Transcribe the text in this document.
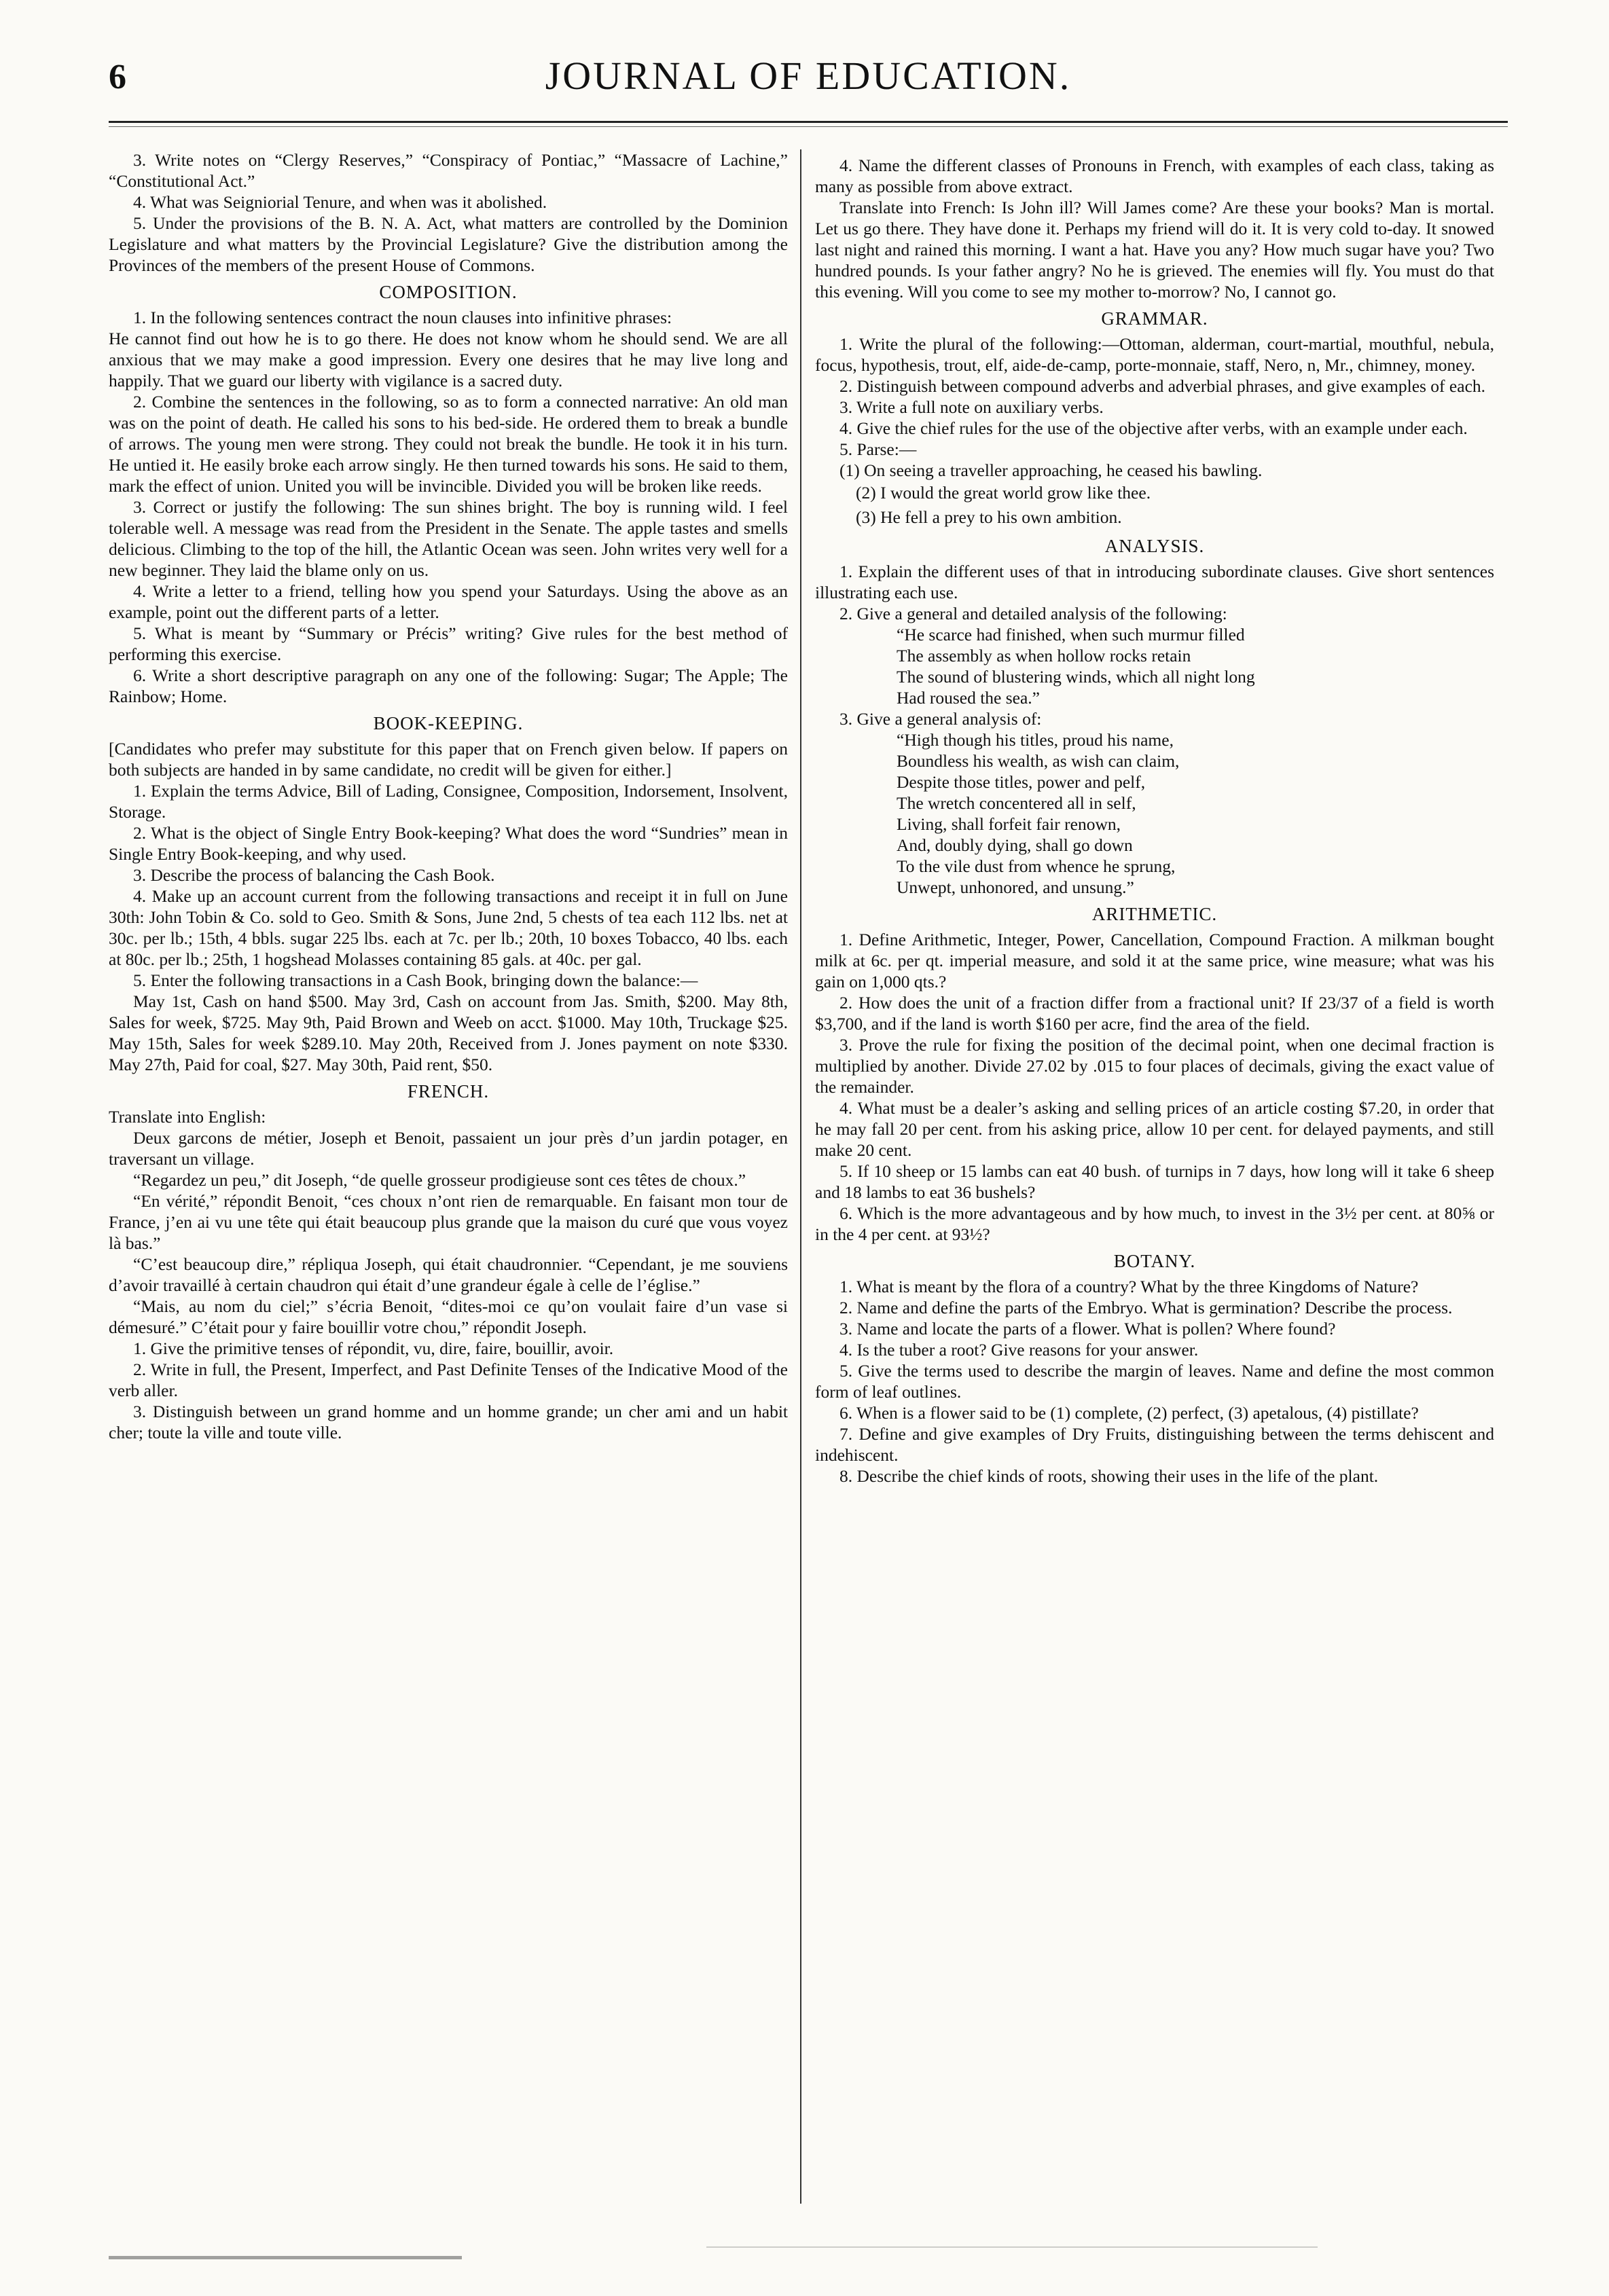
6	JOURNAL OF EDUCATION.

3. Write notes on “Clergy Reserves,” “Conspiracy of Pontiac,” “Massacre of Lachine,” “Constitutional Act.”

4. What was Seigniorial Tenure, and when was it abolished.

5. Under the provisions of the B. N. A. Act, what matters are controlled by the Dominion Legislature and what matters by the Provincial Legislature? Give the distribution among the Provinces of the members of the present House of Commons.

COMPOSITION.

1. In the following sentences contract the noun clauses into infinitive phrases:

He cannot find out how he is to go there. He does not know whom he should send. We are all anxious that we may make a good impression. Every one desires that he may live long and happily. That we guard our liberty with vigilance is a sacred duty.

2. Combine the sentences in the following, so as to form a connected narrative: An old man was on the point of death. He called his sons to his bed-side. He ordered them to break a bundle of arrows. The young men were strong. They could not break the bundle. He took it in his turn. He untied it. He easily broke each arrow singly. He then turned towards his sons. He said to them, mark the effect of union. United you will be invincible. Divided you will be broken like reeds.

3. Correct or justify the following: The sun shines bright. The boy is running wild. I feel tolerable well. A message was read from the President in the Senate. The apple tastes and smells delicious. Climbing to the top of the hill, the Atlantic Ocean was seen. John writes very well for a new beginner. They laid the blame only on us.

4. Write a letter to a friend, telling how you spend your Saturdays. Using the above as an example, point out the different parts of a letter.

5. What is meant by “Summary or Précis” writing? Give rules for the best method of performing this exercise.

6. Write a short descriptive paragraph on any one of the following: Sugar; The Apple; The Rainbow; Home.

BOOK-KEEPING.

[Candidates who prefer may substitute for this paper that on French given below. If papers on both subjects are handed in by same candidate, no credit will be given for either.]

1. Explain the terms Advice, Bill of Lading, Consignee, Composition, Indorsement, Insolvent, Storage.

2. What is the object of Single Entry Book-keeping? What does the word “Sundries” mean in Single Entry Book-keeping, and why used.

3. Describe the process of balancing the Cash Book.

4. Make up an account current from the following transactions and receipt it in full on June 30th: John Tobin & Co. sold to Geo. Smith & Sons, June 2nd, 5 chests of tea each 112 lbs. net at 30c. per lb.; 15th, 4 bbls. sugar 225 lbs. each at 7c. per lb.; 20th, 10 boxes Tobacco, 40 lbs. each at 80c. per lb.; 25th, 1 hogshead Molasses containing 85 gals. at 40c. per gal.

5. Enter the following transactions in a Cash Book, bringing down the balance:—

May 1st, Cash on hand $500. May 3rd, Cash on account from Jas. Smith, $200. May 8th, Sales for week, $725. May 9th, Paid Brown and Weeb on acct. $1000. May 10th, Truckage $25. May 15th, Sales for week $289.10. May 20th, Received from J. Jones payment on note $330. May 27th, Paid for coal, $27. May 30th, Paid rent, $50.

FRENCH.

Translate into English:

Deux garcons de métier, Joseph et Benoit, passaient un jour près d’un jardin potager, en traversant un village.

“Regardez un peu,” dit Joseph, “de quelle grosseur prodigieuse sont ces têtes de choux.”

“En vérité,” répondit Benoit, “ces choux n’ont rien de remarquable. En faisant mon tour de France, j’en ai vu une tête qui était beaucoup plus grande que la maison du curé que vous voyez là bas.”

“C’est beaucoup dire,” répliqua Joseph, qui était chaudronnier. “Cependant, je me souviens d’avoir travaillé à certain chaudron qui était d’une grandeur égale à celle de l’église.”

“Mais, au nom du ciel;” s’écria Benoit, “dites-moi ce qu’on voulait faire d’un vase si démesuré.” C’était pour y faire bouillir votre chou,” répondit Joseph.

1. Give the primitive tenses of répondit, vu, dire, faire, bouillir, avoir.

2. Write in full, the Present, Imperfect, and Past Definite Tenses of the Indicative Mood of the verb aller.

3. Distinguish between un grand homme and un homme grande; un cher ami and un habit cher; toute la ville and toute ville.

4. Name the different classes of Pronouns in French, with examples of each class, taking as many as possible from above extract.

Translate into French: Is John ill? Will James come? Are these your books? Man is mortal. Let us go there. They have done it. Perhaps my friend will do it. It is very cold to-day. It snowed last night and rained this morning. I want a hat. Have you any? How much sugar have you? Two hundred pounds. Is your father angry? No he is grieved. The enemies will fly. You must do that this evening. Will you come to see my mother to-morrow? No, I cannot go.

GRAMMAR.

1. Write the plural of the following:—Ottoman, alderman, court-martial, mouthful, nebula, focus, hypothesis, trout, elf, aide-de-camp, porte-monnaie, staff, Nero, n, Mr., chimney, money.

2. Distinguish between compound adverbs and adverbial phrases, and give examples of each.

3. Write a full note on auxiliary verbs.

4. Give the chief rules for the use of the objective after verbs, with an example under each.

5. Parse:—

(1) On seeing a traveller approaching, he ceased his bawling.

(2) I would the great world grow like thee.

(3) He fell a prey to his own ambition.

ANALYSIS.

1. Explain the different uses of that in introducing subordinate clauses. Give short sentences illustrating each use.

2. Give a general and detailed analysis of the following:

“He scarce had finished, when such murmur filled

The assembly as when hollow rocks retain

The sound of blustering winds, which all night long

Had roused the sea.”

3. Give a general analysis of:

“High though his titles, proud his name,

Boundless his wealth, as wish can claim,

Despite those titles, power and pelf,

The wretch concentered all in self,

Living, shall forfeit fair renown,

And, doubly dying, shall go down

To the vile dust from whence he sprung,

Unwept, unhonored, and unsung.”

ARITHMETIC.

1. Define Arithmetic, Integer, Power, Cancellation, Compound Fraction. A milkman bought milk at 6c. per qt. imperial measure, and sold it at the same price, wine measure; what was his gain on 1,000 qts.?

2. How does the unit of a fraction differ from a fractional unit? If 23/37 of a field is worth $3,700, and if the land is worth $160 per acre, find the area of the field.

3. Prove the rule for fixing the position of the decimal point, when one decimal fraction is multiplied by another. Divide 27.02 by .015 to four places of decimals, giving the exact value of the remainder.

4. What must be a dealer’s asking and selling prices of an article costing $7.20, in order that he may fall 20 per cent. from his asking price, allow 10 per cent. for delayed payments, and still make 20 cent.

5. If 10 sheep or 15 lambs can eat 40 bush. of turnips in 7 days, how long will it take 6 sheep and 18 lambs to eat 36 bushels?

6. Which is the more advantageous and by how much, to invest in the 3½ per cent. at 80⅝ or in the 4 per cent. at 93½?

BOTANY.

1. What is meant by the flora of a country? What by the three Kingdoms of Nature?

2. Name and define the parts of the Embryo. What is germination? Describe the process.

3. Name and locate the parts of a flower. What is pollen? Where found?

4. Is the tuber a root? Give reasons for your answer.

5. Give the terms used to describe the margin of leaves. Name and define the most common form of leaf outlines.

6. When is a flower said to be (1) complete, (2) perfect, (3) apetalous, (4) pistillate?

7. Define and give examples of Dry Fruits, distinguishing between the terms dehiscent and indehiscent.

8. Describe the chief kinds of roots, showing their uses in the life of the plant.
